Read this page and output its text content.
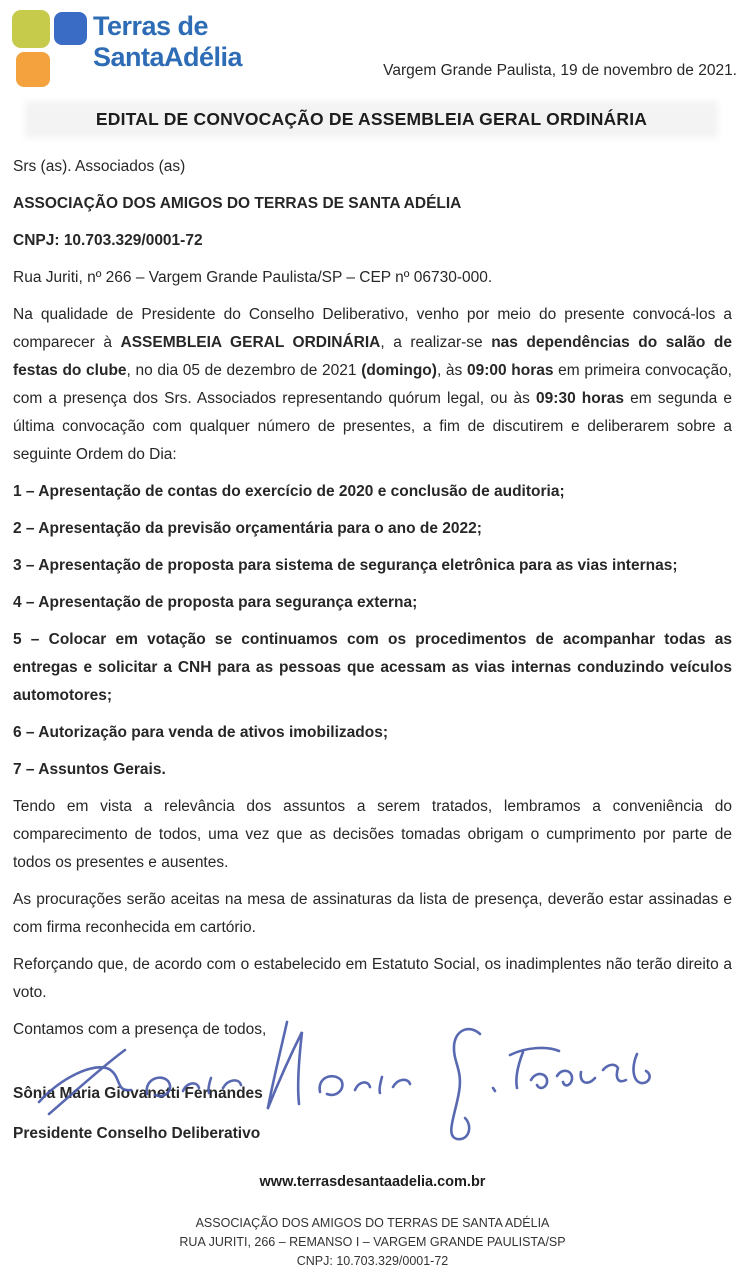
Terras de
SantaAdélia	Vargem Grande Paulista, 19 de novembro de 2021.
EDITAL DE CONVOCAÇÃO DE ASSEMBLEIA GERAL ORDINÁRIA

Srs (as). Associados (as)

ASSOCIAÇÃO DOS AMIGOS DO TERRAS DE SANTA ADÉLIA

CNPJ: 10.703.329/0001-72

Rua Juriti, nº 266 – Vargem Grande Paulista/SP – CEP nº 06730-000.

Na qualidade de Presidente do Conselho Deliberativo, venho por meio do presente convocá-los a comparecer à ASSEMBLEIA GERAL ORDINÁRIA, a realizar-se nas dependências do salão de festas do clube, no dia 05 de dezembro de 2021 (domingo), às 09:00 horas em primeira convocação, com a presença dos Srs. Associados representando quórum legal, ou às 09:30 horas em segunda e última convocação com qualquer número de presentes, a fim de discutirem e deliberarem sobre a seguinte Ordem do Dia:

1 – Apresentação de contas do exercício de 2020 e conclusão de auditoria;

2 – Apresentação da previsão orçamentária para o ano de 2022;

3 – Apresentação de proposta para sistema de segurança eletrônica para as vias internas;

4 – Apresentação de proposta para segurança externa;

5 – Colocar em votação se continuamos com os procedimentos de acompanhar todas as entregas e solicitar a CNH para as pessoas que acessam as vias internas conduzindo veículos automotores;

6 – Autorização para venda de ativos imobilizados;

7 – Assuntos Gerais.

Tendo em vista a relevância dos assuntos a serem tratados, lembramos a conveniência do comparecimento de todos, uma vez que as decisões tomadas obrigam o cumprimento por parte de todos os presentes e ausentes.

As procurações serão aceitas na mesa de assinaturas da lista de presença, deverão estar assinadas e com firma reconhecida em cartório.

Reforçando que, de acordo com o estabelecido em Estatuto Social, os inadimplentes não terão direito a voto.

Contamos com a presença de todos,

Sônia Maria Giovanetti Fernandes

Presidente Conselho Deliberativo

www.terrasdesantaadelia.com.br
ASSOCIAÇÃO DOS AMIGOS DO TERRAS DE SANTA ADÉLIA
RUA JURITI, 266 – REMANSO I – VARGEM GRANDE PAULISTA/SP
CNPJ: 10.703.329/0001-72
